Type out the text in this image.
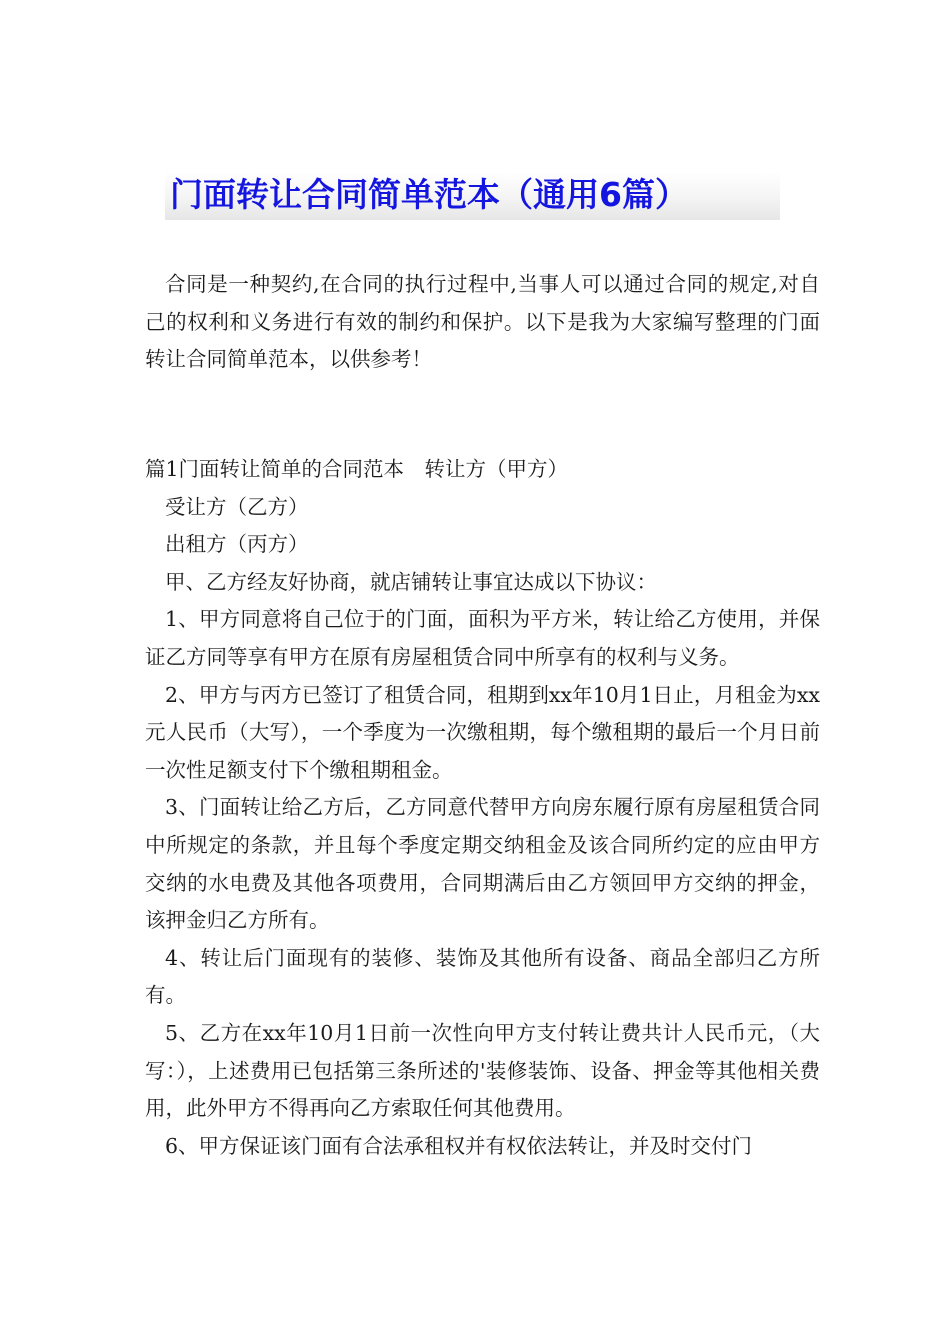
门面转让合同简单范本（通用6篇）

合同是一种契约,在合同的执行过程中,当事人可以通过合同的规定,对自己的权利和义务进行有效的制约和保护。以下是我为大家编写整理的门面转让合同简单范本，以供参考！

篇1门面转让简单的合同范本　转让方（甲方）

受让方（乙方）

出租方（丙方）

甲、乙方经友好协商，就店铺转让事宜达成以下协议：

1、甲方同意将自己位于的门面，面积为平方米，转让给乙方使用，并保证乙方同等享有甲方在原有房屋租赁合同中所享有的权利与义务。

2、甲方与丙方已签订了租赁合同，租期到xx年10月1日止，月租金为xx元人民币（大写），一个季度为一次缴租期，每个缴租期的最后一个月日前一次性足额支付下个缴租期租金。

3、门面转让给乙方后，乙方同意代替甲方向房东履行原有房屋租赁合同中所规定的条款，并且每个季度定期交纳租金及该合同所约定的应由甲方交纳的水电费及其他各项费用，合同期满后由乙方领回甲方交纳的押金，该押金归乙方所有。

4、转让后门面现有的装修、装饰及其他所有设备、商品全部归乙方所有。

5、乙方在xx年10月1日前一次性向甲方支付转让费共计人民币元，（大写：），上述费用已包括第三条所述的'装修装饰、设备、押金等其他相关费用，此外甲方不得再向乙方索取任何其他费用。

6、甲方保证该门面有合法承租权并有权依法转让，并及时交付门
